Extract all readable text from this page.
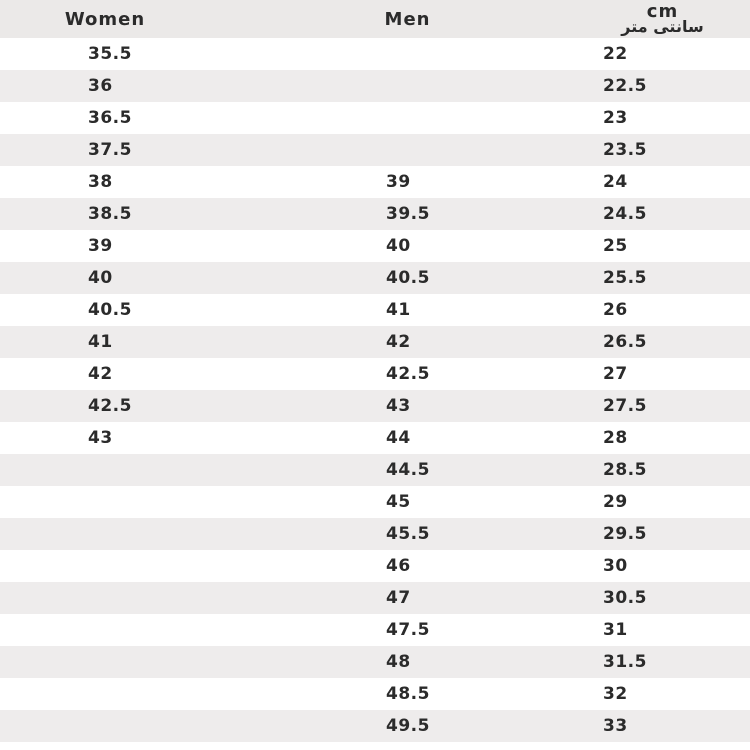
Women	Men	cm
سانتی متر

35.5		22
36		22.5
36.5		23
37.5		23.5
38	39	24
38.5	39.5	24.5
39	40	25
40	40.5	25.5
40.5	41	26
41	42	26.5
42	42.5	27
42.5	43	27.5
43	44	28
	44.5	28.5
	45	29
	45.5	29.5
	46	30
	47	30.5
	47.5	31
	48	31.5
	48.5	32
	49.5	33
